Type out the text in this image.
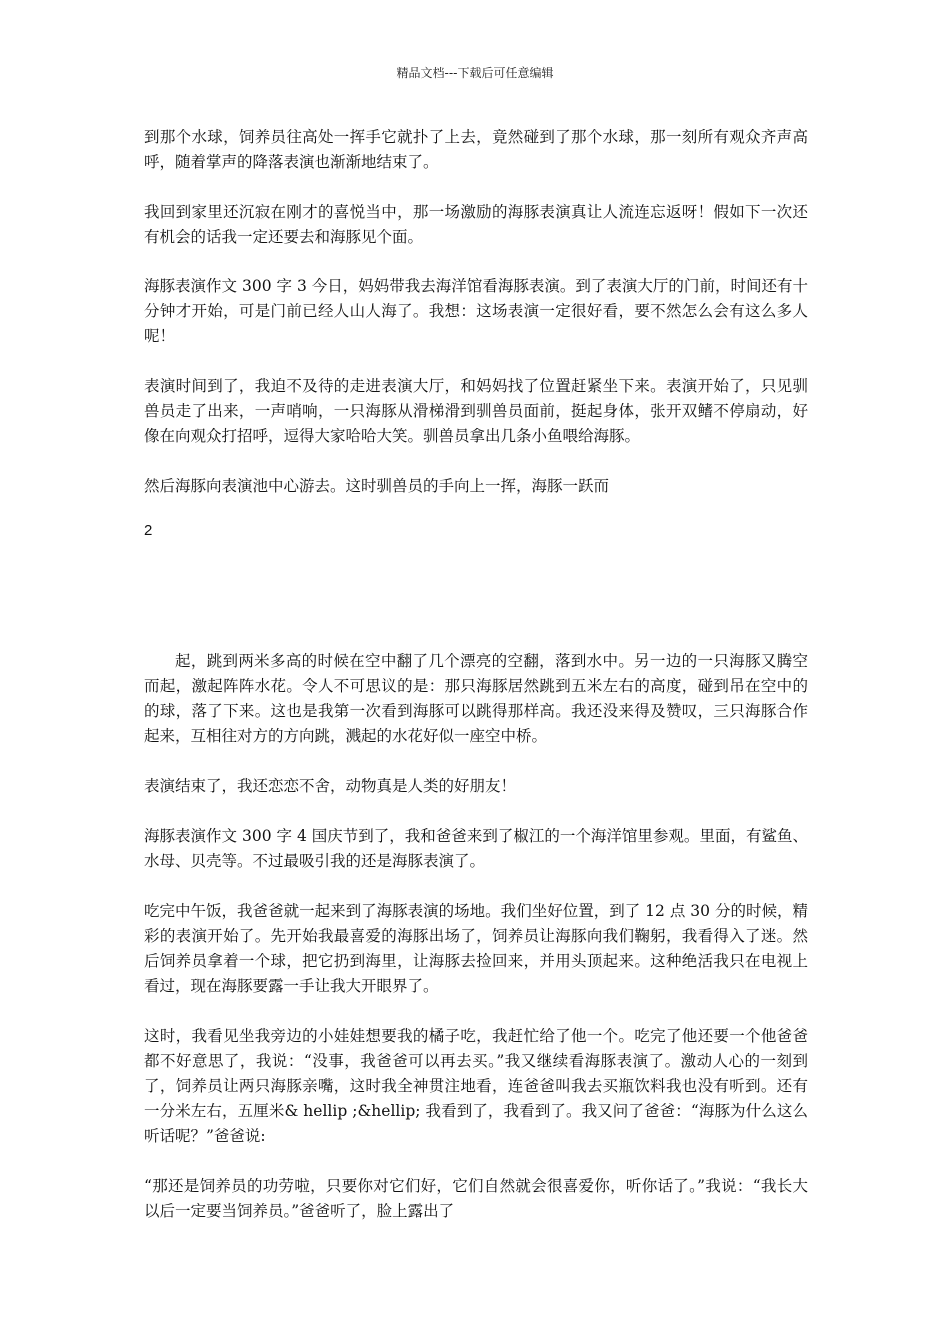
精品文档---下载后可任意编辑

到那个水球，饲养员往高处一挥手它就扑了上去，竟然碰到了那个水球，那一刻所有观众齐声高呼，随着掌声的降落表演也渐渐地结束了。

我回到家里还沉寂在刚才的喜悦当中，那一场激励的海豚表演真让人流连忘返呀！假如下一次还有机会的话我一定还要去和海豚见个面。

海豚表演作文 300 字 3 今日，妈妈带我去海洋馆看海豚表演。到了表演大厅的门前，时间还有十分钟才开始，可是门前已经人山人海了。我想：这场表演一定很好看，要不然怎么会有这么多人呢！

表演时间到了，我迫不及待的走进表演大厅，和妈妈找了位置赶紧坐下来。表演开始了，只见驯兽员走了出来，一声哨响，一只海豚从滑梯滑到驯兽员面前，挺起身体，张开双鳍不停扇动，好像在向观众打招呼，逗得大家哈哈大笑。驯兽员拿出几条小鱼喂给海豚。

然后海豚向表演池中心游去。这时驯兽员的手向上一挥，海豚一跃而

2

起，跳到两米多高的时候在空中翻了几个漂亮的空翻，落到水中。另一边的一只海豚又腾空而起，激起阵阵水花。令人不可思议的是：那只海豚居然跳到五米左右的高度，碰到吊在空中的的球，落了下来。这也是我第一次看到海豚可以跳得那样高。我还没来得及赞叹，三只海豚合作起来，互相往对方的方向跳，溅起的水花好似一座空中桥。

表演结束了，我还恋恋不舍，动物真是人类的好朋友！

海豚表演作文 300 字 4 国庆节到了，我和爸爸来到了椒江的一个海洋馆里参观。里面，有鲨鱼、水母、贝壳等。不过最吸引我的还是海豚表演了。

吃完中午饭，我爸爸就一起来到了海豚表演的场地。我们坐好位置，到了 12 点 30 分的时候，精彩的表演开始了。先开始我最喜爱的海豚出场了，饲养员让海豚向我们鞠躬，我看得入了迷。然后饲养员拿着一个球，把它扔到海里，让海豚去捡回来，并用头顶起来。这种绝活我只在电视上看过，现在海豚要露一手让我大开眼界了。

这时，我看见坐我旁边的小娃娃想要我的橘子吃，我赶忙给了他一个。吃完了他还要一个他爸爸都不好意思了，我说：“没事，我爸爸可以再去买。”我又继续看海豚表演了。激动人心的一刻到了，饲养员让两只海豚亲嘴，这时我全神贯注地看，连爸爸叫我去买瓶饮料我也没有听到。还有一分米左右，五厘米& hellip ;&hellip; 我看到了，我看到了。我又问了爸爸：“海豚为什么这么听话呢？”爸爸说:

“那还是饲养员的功劳啦，只要你对它们好，它们自然就会很喜爱你，听你话了。”我说：“我长大以后一定要当饲养员。”爸爸听了，脸上露出了
